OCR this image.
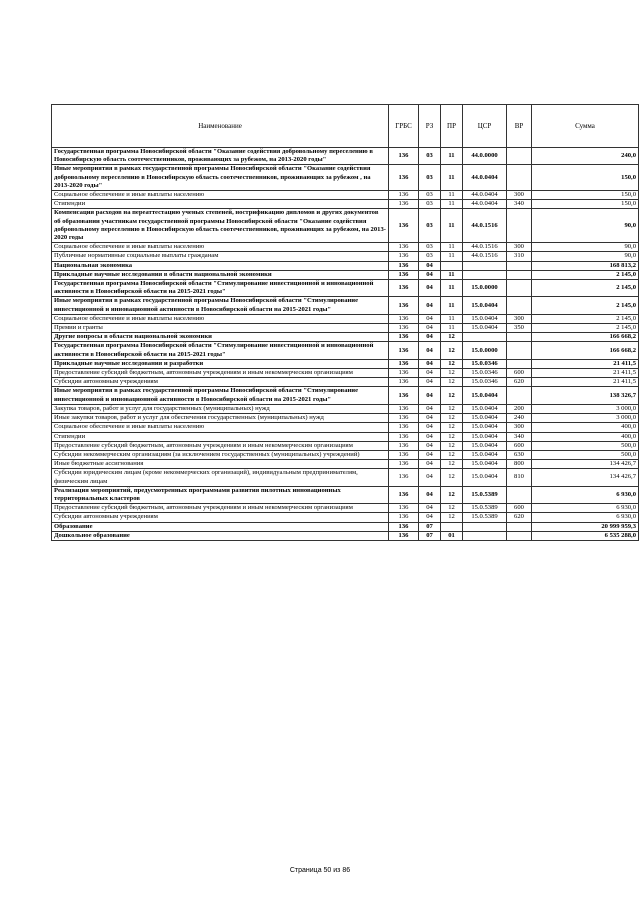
Наименование	ГРБС	РЗ	ПР	ЦСР	ВР	Сумма
Государственная программа Новосибирской области "Оказание содействия добровольному переселению в Новосибирскую область соотечественников, проживающих за рубежом, на 2013-2020 годы"	136	03	11	44.0.0000		240,0
Иные мероприятия в рамках государственной программы Новосибирской области "Оказание содействия добровольному переселению в Новосибирскую область соотечественников, проживающих за рубежом , на 2013-2020 годы"	136	03	11	44.0.0404		150,0
Социальное обеспечение и иные выплаты населению	136	03	11	44.0.0404	300	150,0
Стипендии	136	03	11	44.0.0404	340	150,0
Компенсация расходов на переаттестацию ученых степеней, нострификацию дипломов и других документов об образовании участникам государственной программы Новосибирской области "Оказание содействия добровольному переселению в Новосибирскую область соотечественников, проживающих за рубежом, на 2013-2020 годы	136	03	11	44.0.1516		90,0
Социальное обеспечение и иные выплаты населению	136	03	11	44.0.1516	300	90,0
Публичные нормативные социальные выплаты гражданам	136	03	11	44.0.1516	310	90,0
Национальная экономика	136	04				168 813,2
Прикладные научные исследования в области национальной экономики	136	04	11			2 145,0
Государственная программа Новосибирской области "Стимулирование инвестиционной и инновационной активности в Новосибирской области на 2015-2021 годы"	136	04	11	15.0.0000		2 145,0
Иные мероприятия в рамках государственной программы Новосибирской области "Стимулирование инвестиционной и инновационной активности в Новосибирской области на 2015-2021 годы"	136	04	11	15.0.0404		2 145,0
Социальное обеспечение и иные выплаты населению	136	04	11	15.0.0404	300	2 145,0
Премии и гранты	136	04	11	15.0.0404	350	2 145,0
Другие вопросы в области национальной экономики	136	04	12			166 668,2
Государственная программа Новосибирской области "Стимулирование инвестиционной и инновационной активности в Новосибирской области на 2015-2021 годы"	136	04	12	15.0.0000		166 668,2
Прикладные научные исследования и разработки	136	04	12	15.0.0346		21 411,5
Предоставление субсидий бюджетным, автономным учреждениям и иным некоммерческим организациям	136	04	12	15.0.0346	600	21 411,5
Субсидии автономным учреждениям	136	04	12	15.0.0346	620	21 411,5
Иные мероприятия в рамках государственной программы Новосибирской области "Стимулирование инвестиционной и инновационной активности в Новосибирской области на 2015-2021 годы"	136	04	12	15.0.0404		138 326,7
Закупка товаров, работ и услуг для государственных (муниципальных) нужд	136	04	12	15.0.0404	200	3 000,0
Иные закупки товаров, работ и услуг для обеспечения государственных (муниципальных) нужд	136	04	12	15.0.0404	240	3 000,0
Социальное обеспечение и иные выплаты населению	136	04	12	15.0.0404	300	400,0
Стипендии	136	04	12	15.0.0404	340	400,0
Предоставление субсидий бюджетным, автономным учреждениям и иным некоммерческим организациям	136	04	12	15.0.0404	600	500,0
Субсидии некоммерческим организациям (за исключением государственных (муниципальных) учреждений)	136	04	12	15.0.0404	630	500,0
Иные бюджетные ассигнования	136	04	12	15.0.0404	800	134 426,7
Субсидии юридическим лицам (кроме некоммерческих организаций), индивидуальным предпринимателям, физическим лицам	136	04	12	15.0.0404	810	134 426,7
Реализация мероприятий, предусмотренных программами развития пилотных инновационных территориальных кластеров	136	04	12	15.0.5389		6 930,0
Предоставление субсидий бюджетным, автономным учреждениям и иным некоммерческим организациям	136	04	12	15.0.5389	600	6 930,0
Субсидии автономным учреждениям	136	04	12	15.0.5389	620	6 930,0
Образование	136	07				20 999 959,3
Дошкольное образование	136	07	01			6 535 288,0
Страница 50 из 86
